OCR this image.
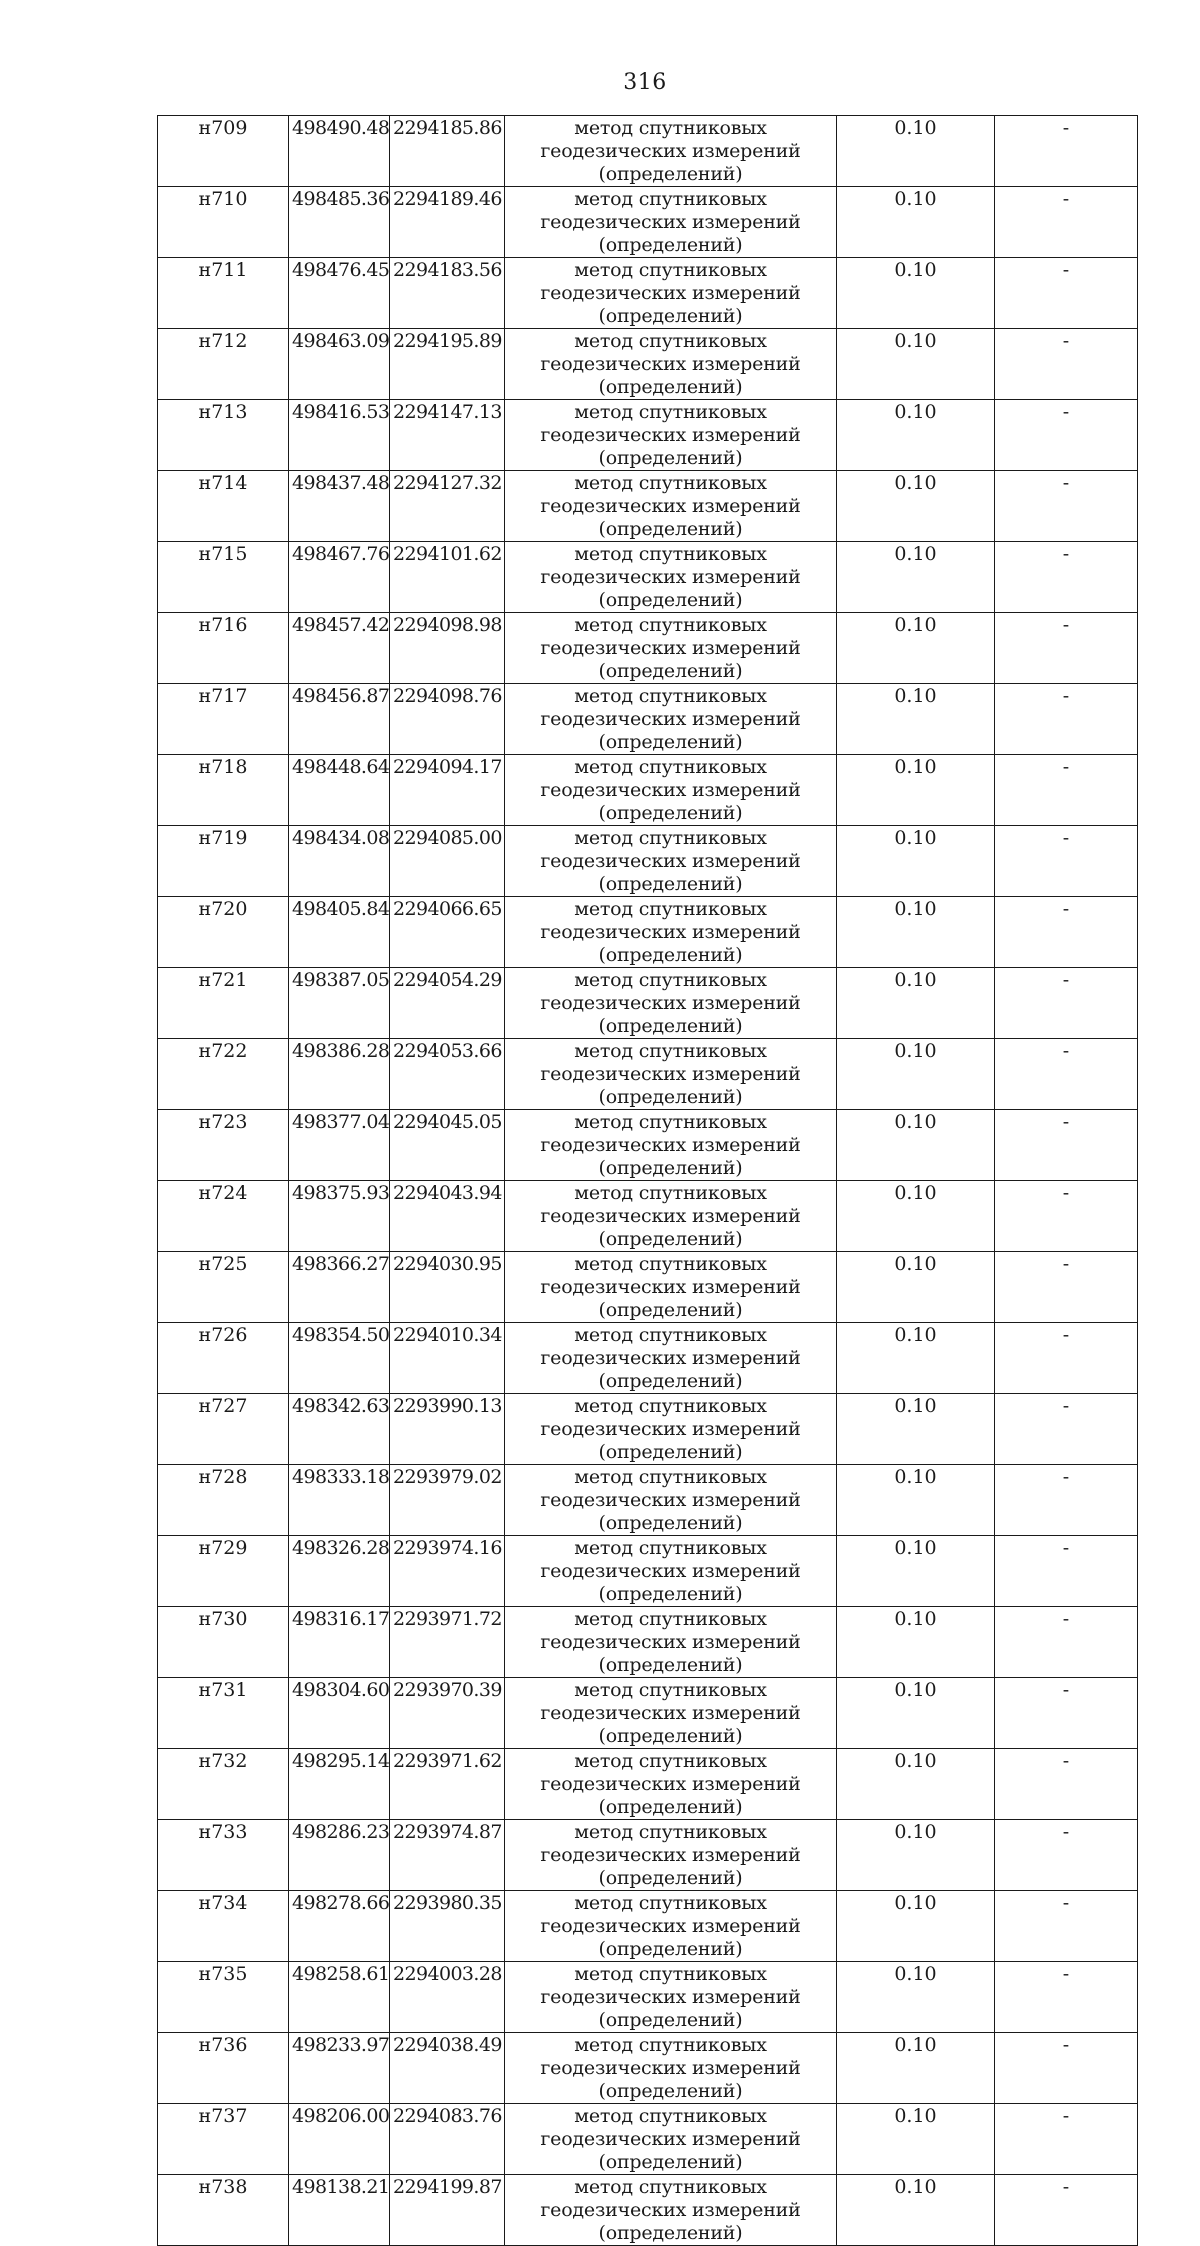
316
н709	498490.48	2294185.86	метод спутниковых геодезических измерений (определений)	0.10	-
н710	498485.36	2294189.46	метод спутниковых геодезических измерений (определений)	0.10	-
н711	498476.45	2294183.56	метод спутниковых геодезических измерений (определений)	0.10	-
н712	498463.09	2294195.89	метод спутниковых геодезических измерений (определений)	0.10	-
н713	498416.53	2294147.13	метод спутниковых геодезических измерений (определений)	0.10	-
н714	498437.48	2294127.32	метод спутниковых геодезических измерений (определений)	0.10	-
н715	498467.76	2294101.62	метод спутниковых геодезических измерений (определений)	0.10	-
н716	498457.42	2294098.98	метод спутниковых геодезических измерений (определений)	0.10	-
н717	498456.87	2294098.76	метод спутниковых геодезических измерений (определений)	0.10	-
н718	498448.64	2294094.17	метод спутниковых геодезических измерений (определений)	0.10	-
н719	498434.08	2294085.00	метод спутниковых геодезических измерений (определений)	0.10	-
н720	498405.84	2294066.65	метод спутниковых геодезических измерений (определений)	0.10	-
н721	498387.05	2294054.29	метод спутниковых геодезических измерений (определений)	0.10	-
н722	498386.28	2294053.66	метод спутниковых геодезических измерений (определений)	0.10	-
н723	498377.04	2294045.05	метод спутниковых геодезических измерений (определений)	0.10	-
н724	498375.93	2294043.94	метод спутниковых геодезических измерений (определений)	0.10	-
н725	498366.27	2294030.95	метод спутниковых геодезических измерений (определений)	0.10	-
н726	498354.50	2294010.34	метод спутниковых геодезических измерений (определений)	0.10	-
н727	498342.63	2293990.13	метод спутниковых геодезических измерений (определений)	0.10	-
н728	498333.18	2293979.02	метод спутниковых геодезических измерений (определений)	0.10	-
н729	498326.28	2293974.16	метод спутниковых геодезических измерений (определений)	0.10	-
н730	498316.17	2293971.72	метод спутниковых геодезических измерений (определений)	0.10	-
н731	498304.60	2293970.39	метод спутниковых геодезических измерений (определений)	0.10	-
н732	498295.14	2293971.62	метод спутниковых геодезических измерений (определений)	0.10	-
н733	498286.23	2293974.87	метод спутниковых геодезических измерений (определений)	0.10	-
н734	498278.66	2293980.35	метод спутниковых геодезических измерений (определений)	0.10	-
н735	498258.61	2294003.28	метод спутниковых геодезических измерений (определений)	0.10	-
н736	498233.97	2294038.49	метод спутниковых геодезических измерений (определений)	0.10	-
н737	498206.00	2294083.76	метод спутниковых геодезических измерений (определений)	0.10	-
н738	498138.21	2294199.87	метод спутниковых геодезических измерений (определений)	0.10	-
